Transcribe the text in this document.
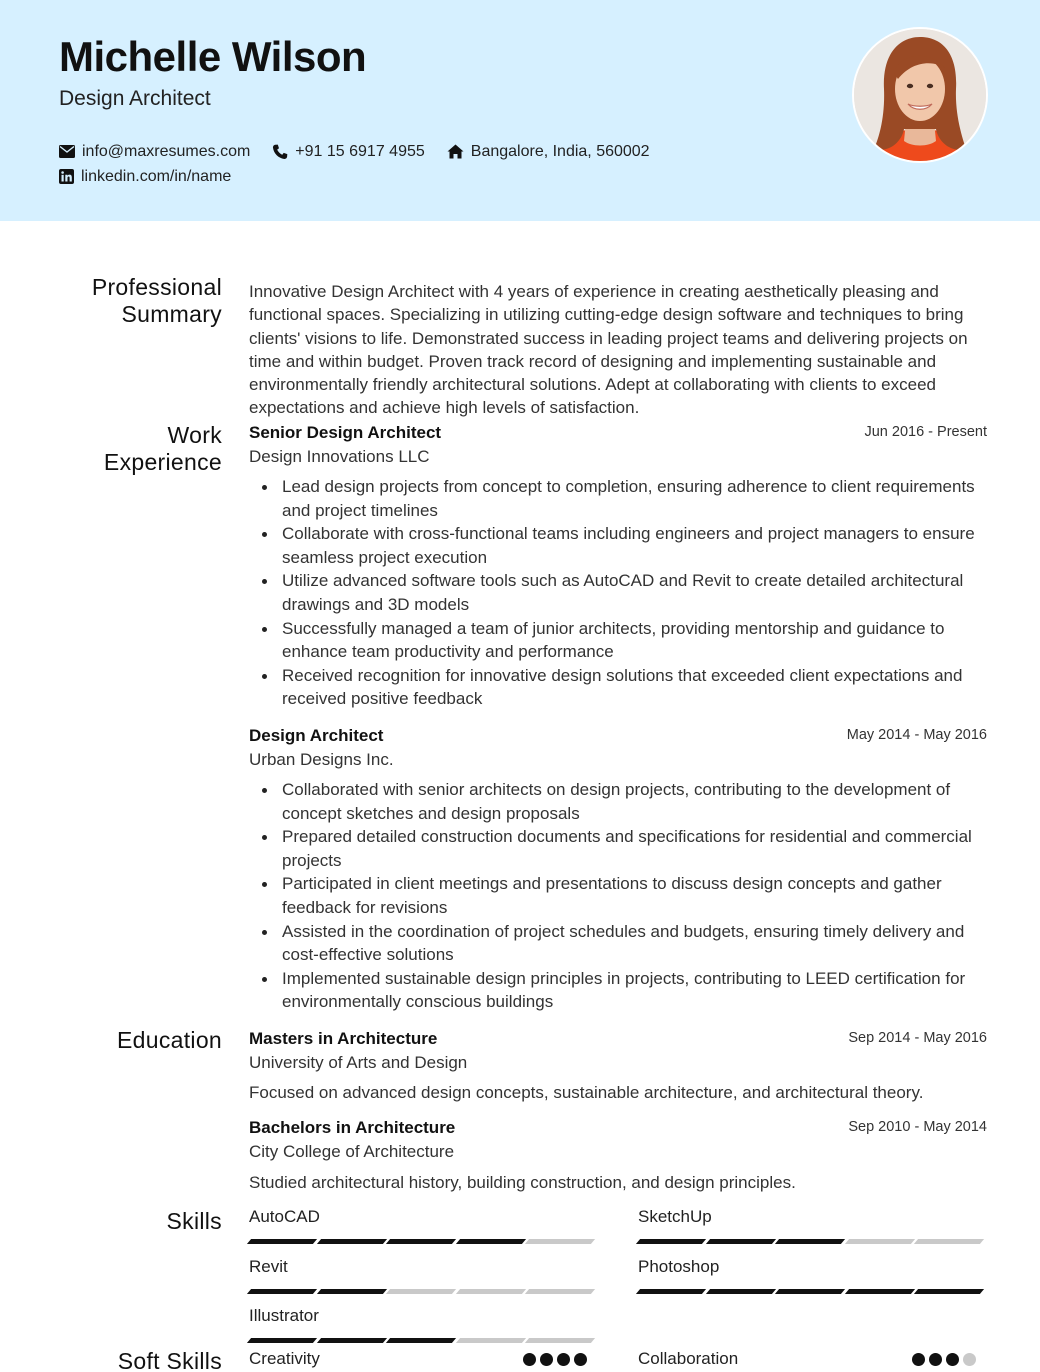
Michelle Wilson
Design Architect
info@maxresumes.com	+91 15 6917 4955	Bangalore, India, 560002
linkedin.com/in/name
Professional
Summary
Innovative Design Architect with 4 years of experience in creating aesthetically pleasing and functional spaces. Specializing in utilizing cutting-edge design software and techniques to bring clients' visions to life. Demonstrated success in leading project teams and delivering projects on time and within budget. Proven track record of designing and implementing sustainable and environmentally friendly architectural solutions. Adept at collaborating with clients to exceed expectations and achieve high levels of satisfaction.
Work
Experience
Senior Design Architect	Jun 2016 - Present
Design Innovations LLC
Lead design projects from concept to completion, ensuring adherence to client requirements and project timelines
Collaborate with cross-functional teams including engineers and project managers to ensure seamless project execution
Utilize advanced software tools such as AutoCAD and Revit to create detailed architectural drawings and 3D models
Successfully managed a team of junior architects, providing mentorship and guidance to enhance team productivity and performance
Received recognition for innovative design solutions that exceeded client expectations and received positive feedback
Design Architect	May 2014 - May 2016
Urban Designs Inc.
Collaborated with senior architects on design projects, contributing to the development of concept sketches and design proposals
Prepared detailed construction documents and specifications for residential and commercial projects
Participated in client meetings and presentations to discuss design concepts and gather feedback for revisions
Assisted in the coordination of project schedules and budgets, ensuring timely delivery and cost-effective solutions
Implemented sustainable design principles in projects, contributing to LEED certification for environmentally conscious buildings
Education Masters in Architecture	Sep 2014 - May 2016
University of Arts and Design
Focused on advanced design concepts, sustainable architecture, and architectural theory.
Bachelors in Architecture	Sep 2010 - May 2014
City College of Architecture
Studied architectural history, building construction, and design principles.
Skills AutoCAD	SketchUp
Revit	Photoshop
Illustrator
Soft Skills Creativity	Collaboration
